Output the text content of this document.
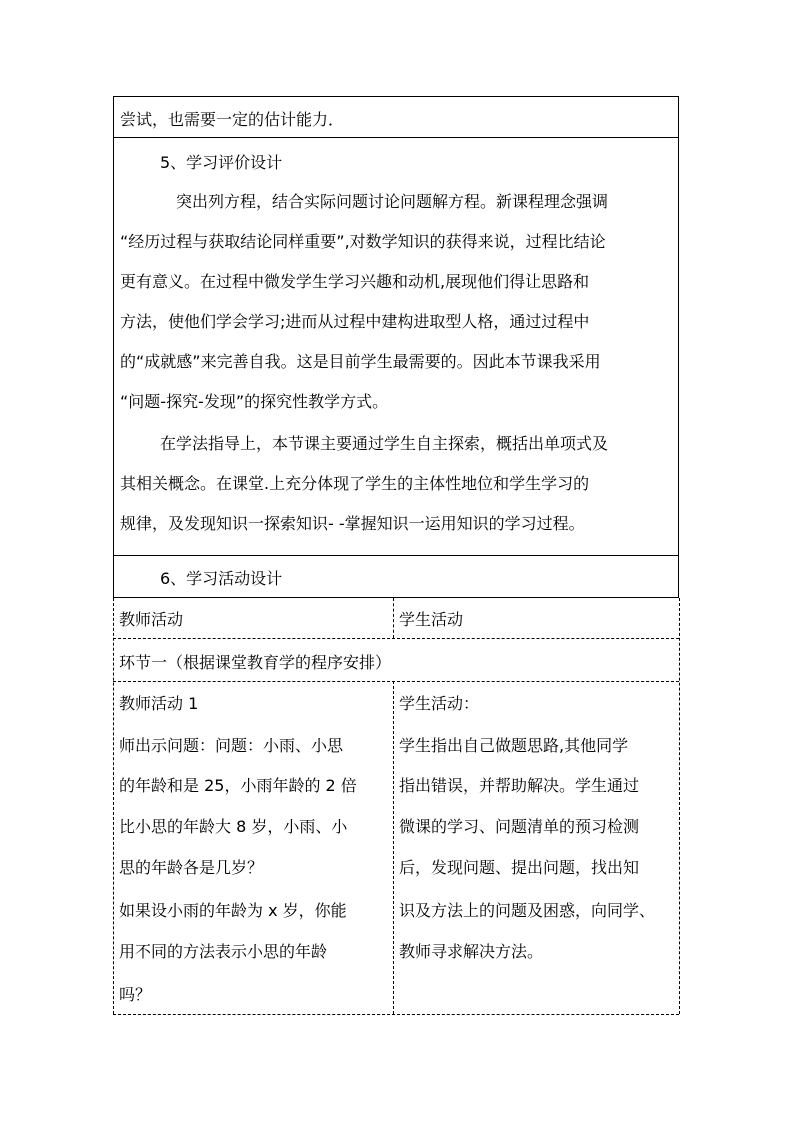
尝试，也需要一定的估计能力．
5、学习评价设计
突出列方程，结合实际问题讨论问题解方程。新课程理念强调
“经历过程与获取结论同样重要”,对数学知识的获得来说，过程比结论
更有意义。在过程中微发学生学习兴趣和动机,展现他们得让思路和
方法，使他们学会学习;进而从过程中建构进取型人格，通过过程中
的“成就感”来完善自我。这是目前学生最需要的。因此本节课我采用
“问题-探究-发现”的探究性教学方式。
在学法指导上，本节课主要通过学生自主探索，概括出单项式及
其相关概念。在课堂.上充分体现了学生的主体性地位和学生学习的
规律，及发现知识一探索知识- -掌握知识一运用知识的学习过程。
6、学习活动设计
教师活动	学生活动
环节一（根据课堂教育学的程序安排）
教师活动 1
师出示问题：问题：小雨、小思
的年龄和是 25，小雨年龄的 2 倍
比小思的年龄大 8 岁，小雨、小
思的年龄各是几岁？
如果设小雨的年龄为 x 岁，你能
用不同的方法表示小思的年龄
吗？
学生活动：
学生指出自己做题思路,其他同学
指出错误，并帮助解决。学生通过
微课的学习、问题清单的预习检测
后，发现问题、提出问题，找出知
识及方法上的问题及困惑，向同学、
教师寻求解决方法。
